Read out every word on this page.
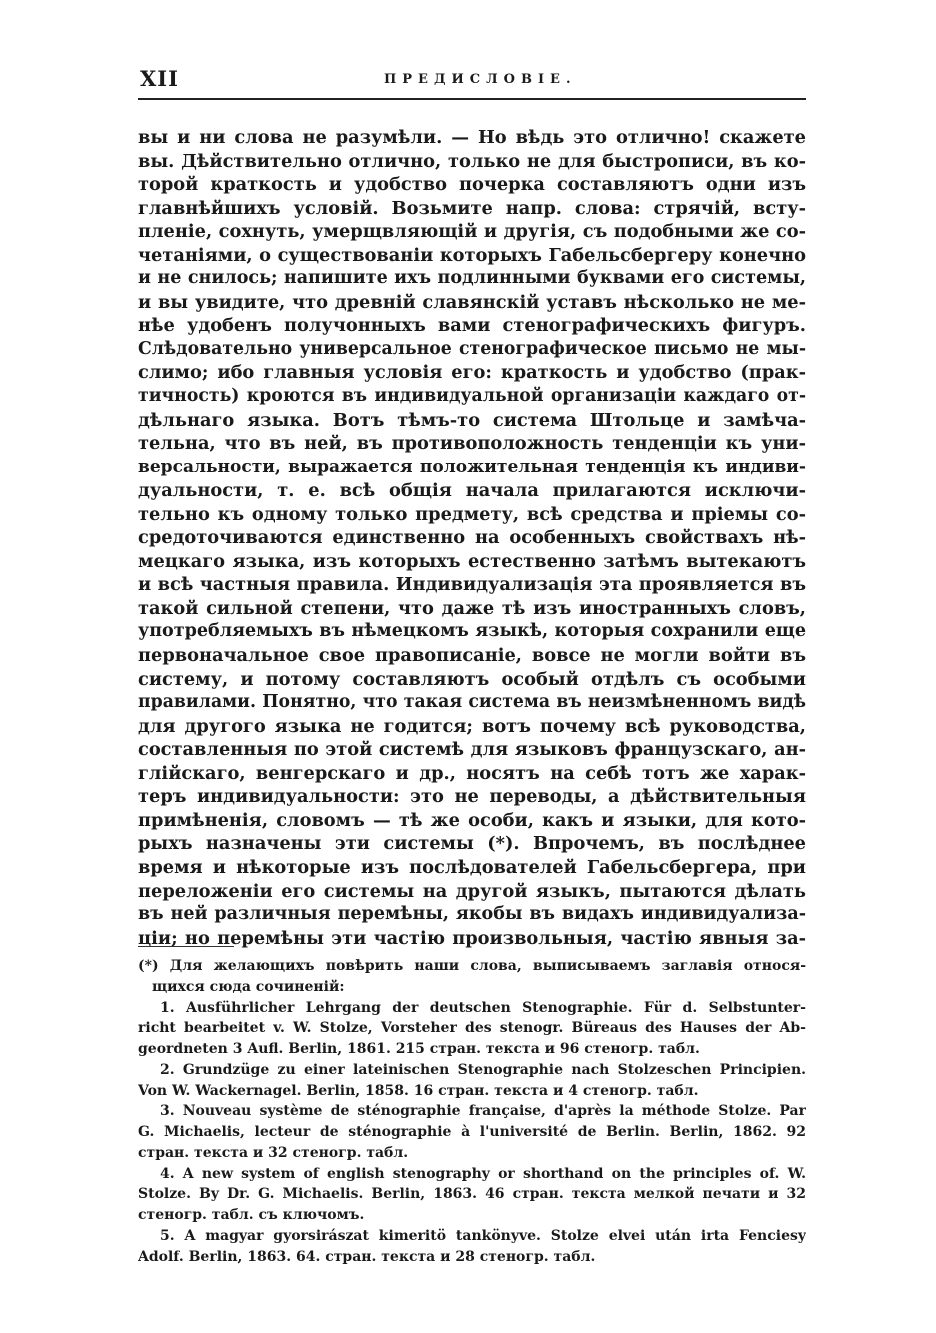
XII	ПРЕДИСЛОВІЕ.
вы и ни слова не разумѣли. — Но вѣдь это отлично! скажете
вы. Дѣйствительно отлично, только не для быстрописи, въ ко-
торой краткость и удобство почерка составляютъ одни изъ
главнѣйшихъ условій. Возьмите напр. слова: стрячій, всту-
пленіе, сохнуть, умерщвляющій и другія, съ подобными же со-
четаніями, о существованіи которыхъ Габельсбергеру конечно
и не снилось; напишите ихъ подлинными буквами его системы,
и вы увидите, что древній славянскій уставъ нѣсколько не ме-
нѣе удобенъ получонныхъ вами стенографическихъ фигуръ.
Слѣдовательно универсальное стенографическое письмо не мы-
слимо; ибо главныя условія его: краткость и удобство (прак-
тичность) кроются въ индивидуальной организаціи каждаго от-
дѣльнаго языка. Вотъ тѣмъ-то система Штольце и замѣча-
тельна, что въ ней, въ противоположность тенденціи къ уни-
версальности, выражается положительная тенденція къ индиви-
дуальности, т. е. всѣ общія начала прилагаются исключи-
тельно къ одному только предмету, всѣ средства и пріемы со-
средоточиваются единственно на особенныхъ свойствахъ нѣ-
мецкаго языка, изъ которыхъ естественно затѣмъ вытекаютъ
и всѣ частныя правила. Индивидуализація эта проявляется въ
такой сильной степени, что даже тѣ изъ иностранныхъ словъ,
употребляемыхъ въ нѣмецкомъ языкѣ, которыя сохранили еще
первоначальное свое правописаніе, вовсе не могли войти въ
систему, и потому составляютъ особый отдѣлъ съ особыми
правилами. Понятно, что такая система въ неизмѣненномъ видѣ
для другого языка не годится; вотъ почему всѣ руководства,
составленныя по этой системѣ для языковъ французскаго, ан-
глійскаго, венгерскаго и др., носятъ на себѣ тотъ же харак-
теръ индивидуальности: это не переводы, а дѣйствительныя
примѣненія, словомъ — тѣ же особи, какъ и языки, для кото-
рыхъ назначены эти системы (*). Впрочемъ, въ послѣднее
время и нѣкоторые изъ послѣдователей Габельсбергера, при
переложеніи его системы на другой языкъ, пытаются дѣлать
въ ней различныя перемѣны, якобы въ видахъ индивидуализа-
ціи; но перемѣны эти частію произвольныя, частію явныя за-
(*) Для желающихъ повѣрить наши слова, выписываемъ заглавія относя-
щихся сюда сочиненій:
1. Ausführlicher Lehrgang der deutschen Stenographie. Für d. Selbstunter-
richt bearbeitet v. W. Stolze, Vorsteher des stenogr. Büreaus des Hauses der Ab-
geordneten 3 Aufl. Berlin, 1861. 215 стран. текста и 96 стеногр. табл.
2. Grundzüge zu einer lateinischen Stenographie nach Stolzeschen Principien.
Von W. Wackernagel. Berlin, 1858. 16 стран. текста и 4 стеногр. табл.
3. Nouveau système de sténographie française, d'après la méthode Stolze. Par
G. Michaelis, lecteur de sténographie à l'université de Berlin. Berlin, 1862. 92
стран. текста и 32 стеногр. табл.
4. A new system of english stenography or shorthand on the principles of. W.
Stolze. By Dr. G. Michaelis. Berlin, 1863. 46 стран. текста мелкой печати и 32
стеногр. табл. съ ключомъ.
5. A magyar gyorsirászat kimeritö tankönyve. Stolze elvei után irta Fenciesy
Adolf. Berlin, 1863. 64. стран. текста и 28 стеногр. табл.
